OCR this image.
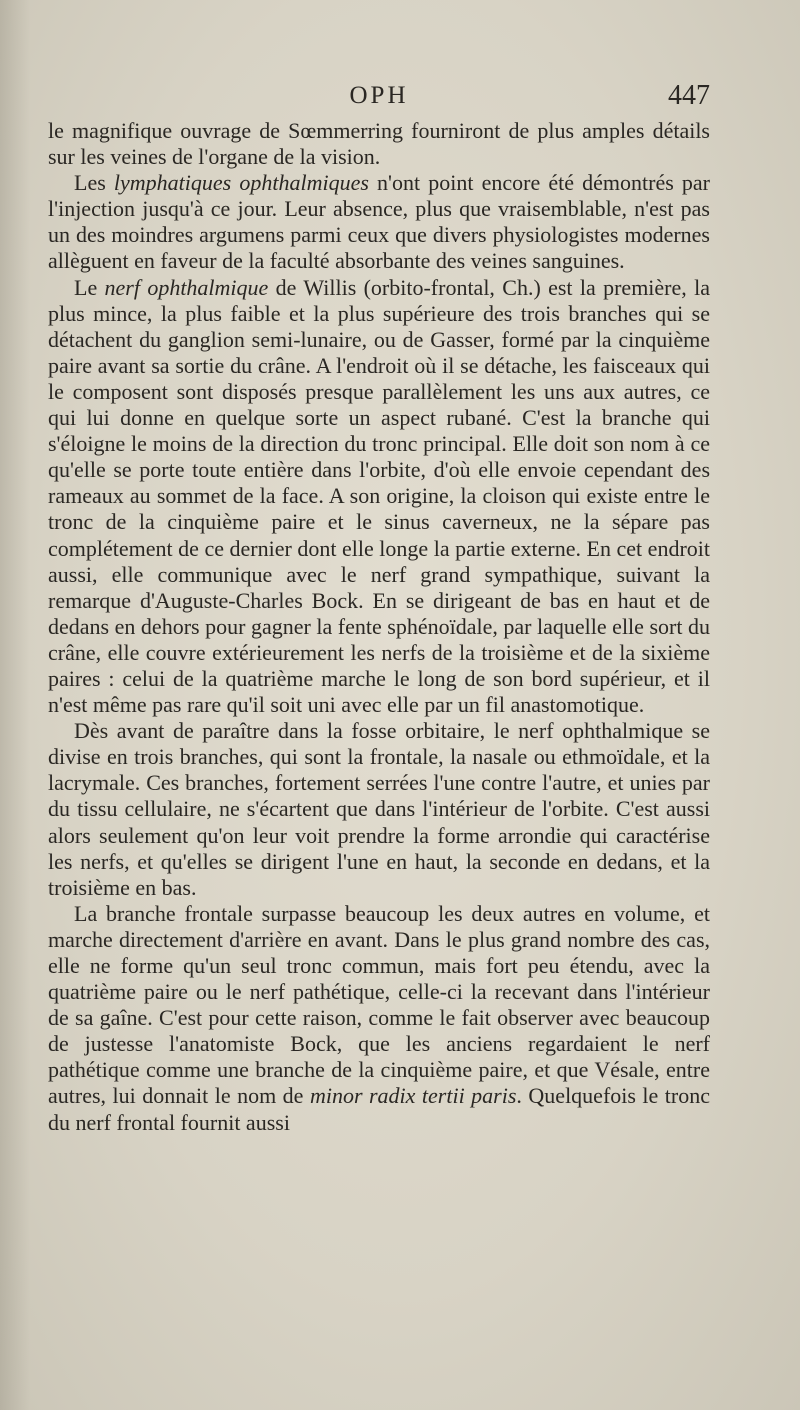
OPH	447

le magnifique ouvrage de Sœmmerring fourniront de plus amples détails sur les veines de l'organe de la vision.

Les lymphatiques ophthalmiques n'ont point encore été démontrés par l'injection jusqu'à ce jour. Leur absence, plus que vraisemblable, n'est pas un des moindres argumens parmi ceux que divers physiologistes modernes allèguent en faveur de la faculté absorbante des veines sanguines.

Le nerf ophthalmique de Willis (orbito-frontal, Ch.) est la première, la plus mince, la plus faible et la plus supérieure des trois branches qui se détachent du ganglion semi-lunaire, ou de Gasser, formé par la cinquième paire avant sa sortie du crâne. A l'endroit où il se détache, les faisceaux qui le composent sont disposés presque parallèlement les uns aux autres, ce qui lui donne en quelque sorte un aspect rubané. C'est la branche qui s'éloigne le moins de la direction du tronc principal. Elle doit son nom à ce qu'elle se porte toute entière dans l'orbite, d'où elle envoie cependant des rameaux au sommet de la face. A son origine, la cloison qui existe entre le tronc de la cinquième paire et le sinus caverneux, ne la sépare pas complétement de ce dernier dont elle longe la partie externe. En cet endroit aussi, elle communique avec le nerf grand sympathique, suivant la remarque d'Auguste-Charles Bock. En se dirigeant de bas en haut et de dedans en dehors pour gagner la fente sphénoïdale, par laquelle elle sort du crâne, elle couvre extérieurement les nerfs de la troisième et de la sixième paires : celui de la quatrième marche le long de son bord supérieur, et il n'est même pas rare qu'il soit uni avec elle par un fil anastomotique.

Dès avant de paraître dans la fosse orbitaire, le nerf ophthalmique se divise en trois branches, qui sont la frontale, la nasale ou ethmoïdale, et la lacrymale. Ces branches, fortement serrées l'une contre l'autre, et unies par du tissu cellulaire, ne s'écartent que dans l'intérieur de l'orbite. C'est aussi alors seulement qu'on leur voit prendre la forme arrondie qui caractérise les nerfs, et qu'elles se dirigent l'une en haut, la seconde en dedans, et la troisième en bas.

La branche frontale surpasse beaucoup les deux autres en volume, et marche directement d'arrière en avant. Dans le plus grand nombre des cas, elle ne forme qu'un seul tronc commun, mais fort peu étendu, avec la quatrième paire ou le nerf pathétique, celle-ci la recevant dans l'intérieur de sa gaîne. C'est pour cette raison, comme le fait observer avec beaucoup de justesse l'anatomiste Bock, que les anciens regardaient le nerf pathétique comme une branche de la cinquième paire, et que Vésale, entre autres, lui donnait le nom de minor radix tertii paris. Quelquefois le tronc du nerf frontal fournit aussi
